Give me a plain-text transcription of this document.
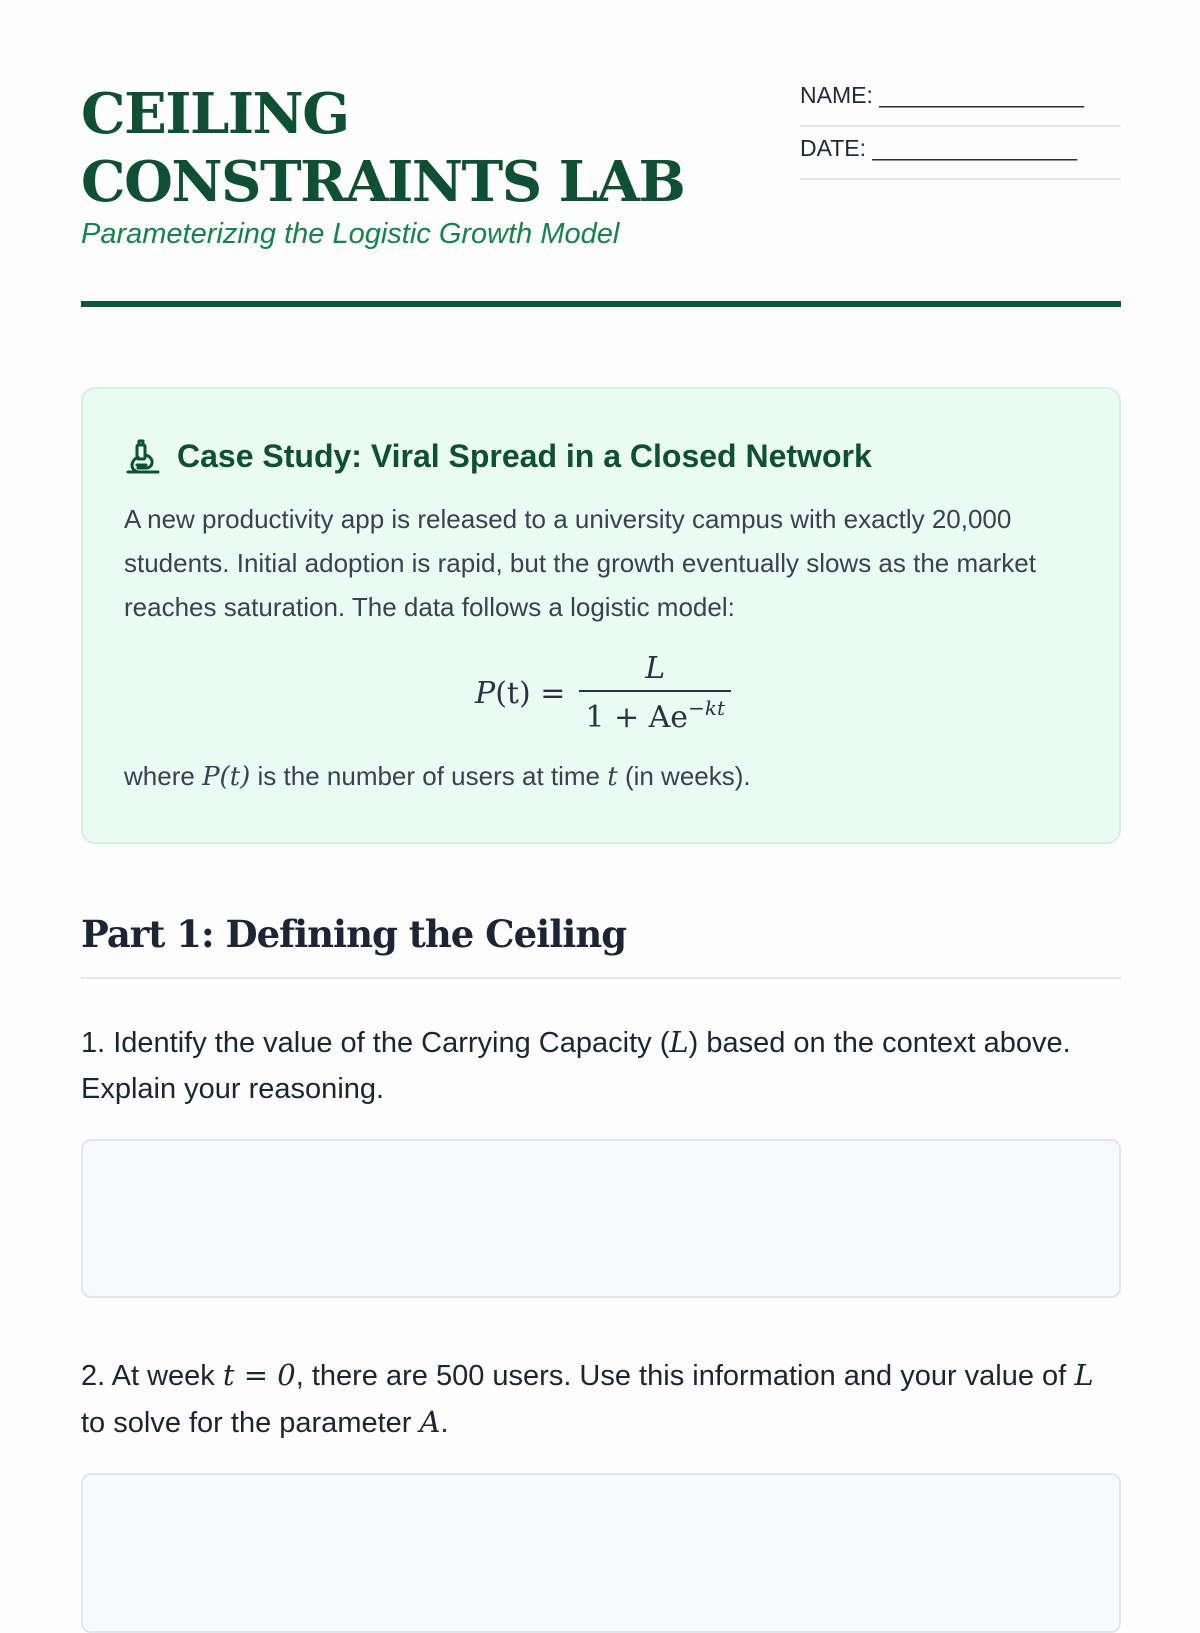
CEILING CONSTRAINTS LAB

Parameterizing the Logistic Growth Model

NAME: ________________
DATE: ________________
Case Study: Viral Spread in a Closed Network

A new productivity app is released to a university campus with exactly 20,000 students. Initial adoption is rapid, but the growth eventually slows as the market reaches saturation. The data follows a logistic model:

$P(t) = \frac{L}{1 + Ae^{-kt}}$

where P(t) is the number of users at time t (in weeks).

Part 1: Defining the Ceiling

1. Identify the value of the Carrying Capacity (L) based on the context above. Explain your reasoning.

2. At week t = 0, there are 500 users. Use this information and your value of L to solve for the parameter A.
